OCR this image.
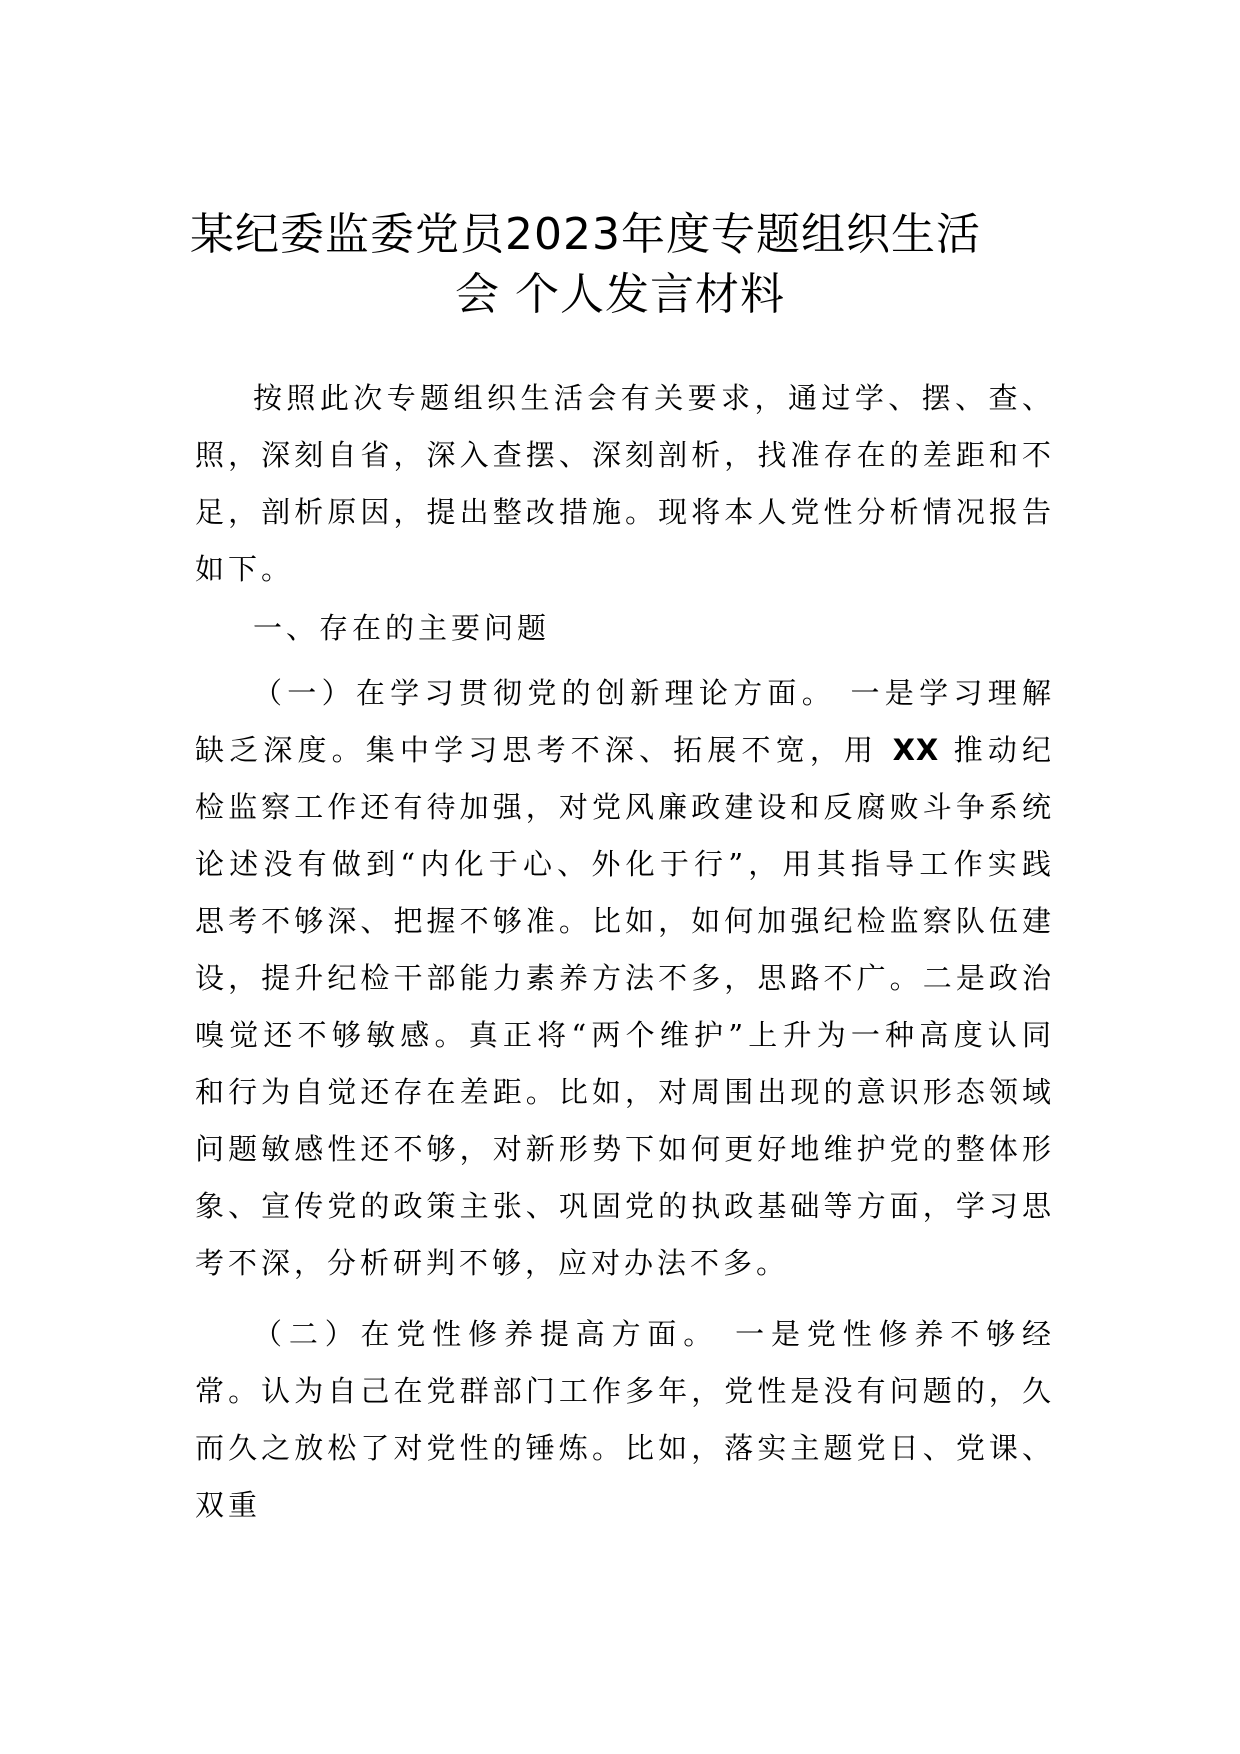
某纪委监委党员2023年度专题组织生活
会 个人发言材料

按照此次专题组织生活会有关要求，通过学、摆、查、照，深刻自省，深入查摆、深刻剖析，找准存在的差距和不足，剖析原因，提出整改措施。现将本人党性分析情况报告如下。

一、存在的主要问题

（一）在学习贯彻党的创新理论方面。 一是学习理解缺乏深度。集中学习思考不深、拓展不宽，用 XX 推动纪检监察工作还有待加强，对党风廉政建设和反腐败斗争系统论述没有做到“内化于心、外化于行”，用其指导工作实践思考不够深、把握不够准。比如，如何加强纪检监察队伍建设，提升纪检干部能力素养方法不多，思路不广。二是政治嗅觉还不够敏感。真正将“两个维护”上升为一种高度认同和行为自觉还存在差距。比如，对周围出现的意识形态领域问题敏感性还不够，对新形势下如何更好地维护党的整体形象、宣传党的政策主张、巩固党的执政基础等方面，学习思考不深，分析研判不够，应对办法不多。

（二）在党性修养提高方面。 一是党性修养不够经常。认为自己在党群部门工作多年，党性是没有问题的，久而久之放松了对党性的锤炼。比如，落实主题党日、党课、双重
